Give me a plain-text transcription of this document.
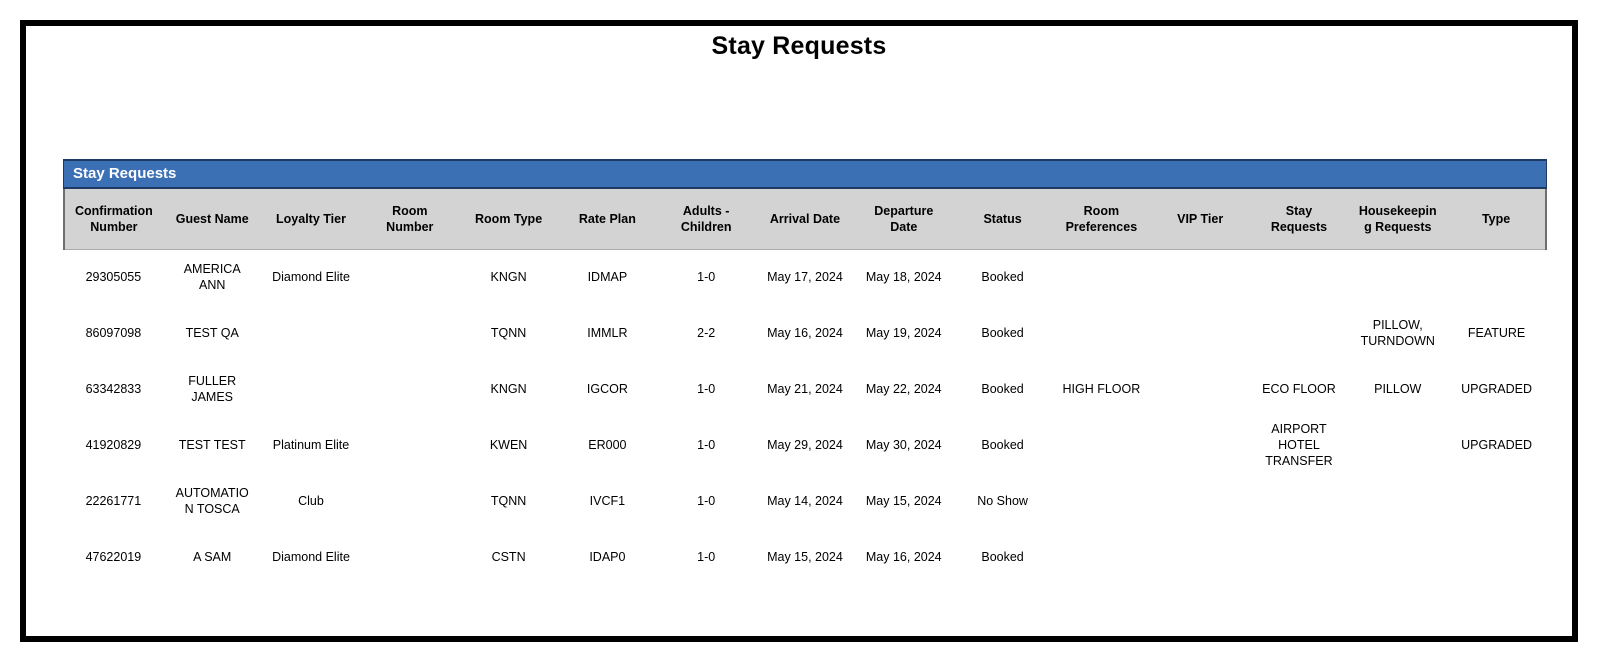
Stay Requests
Stay Requests
Confirmation Number	Guest Name	Loyalty Tier	Room Number	Room Type	Rate Plan	Adults - Children	Arrival Date	Departure Date	Status	Room Preferences	VIP Tier	Stay Requests	Housekeeping Requests	Type
29305055	AMERICA ANN	Diamond Elite		KNGN	IDMAP	1-0	May 17, 2024	May 18, 2024	Booked					
86097098	TEST QA			TQNN	IMMLR	2-2	May 16, 2024	May 19, 2024	Booked				PILLOW, TURNDOWN	FEATURE
63342833	FULLER JAMES			KNGN	IGCOR	1-0	May 21, 2024	May 22, 2024	Booked	HIGH FLOOR		ECO FLOOR	PILLOW	UPGRADED
41920829	TEST TEST	Platinum Elite		KWEN	ER000	1-0	May 29, 2024	May 30, 2024	Booked			AIRPORT HOTEL TRANSFER		UPGRADED
22261771	AUTOMATION TOSCA	Club		TQNN	IVCF1	1-0	May 14, 2024	May 15, 2024	No Show					
47622019	A SAM	Diamond Elite		CSTN	IDAP0	1-0	May 15, 2024	May 16, 2024	Booked					
